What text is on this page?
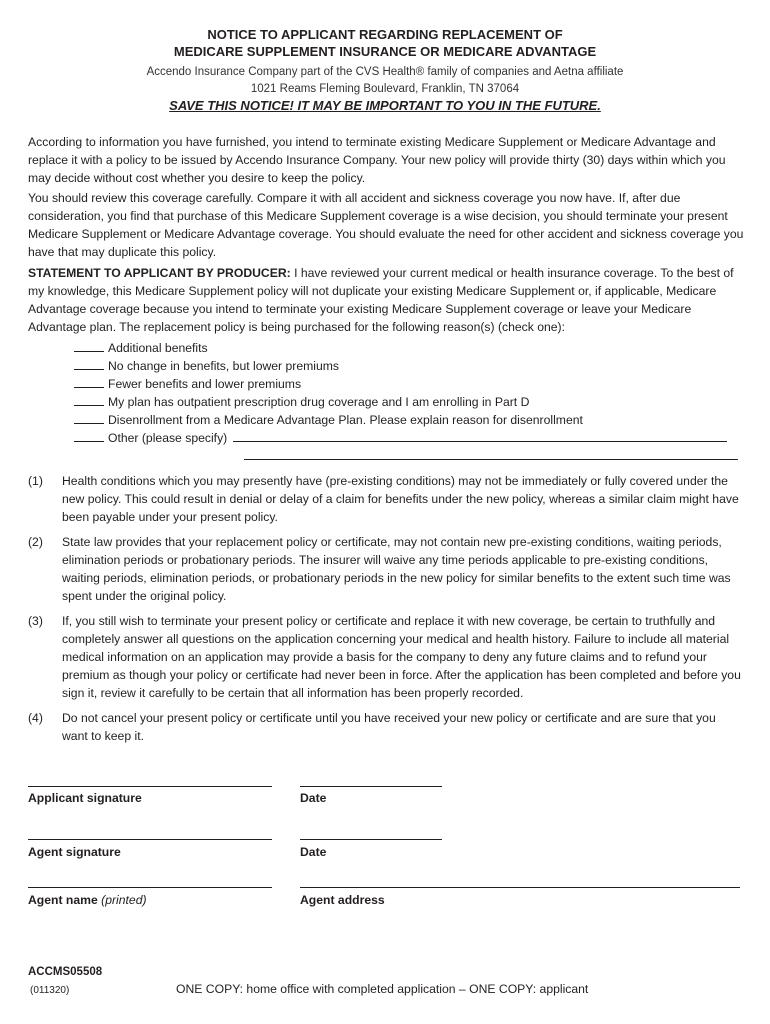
NOTICE TO APPLICANT REGARDING REPLACEMENT OF
MEDICARE SUPPLEMENT INSURANCE OR MEDICARE ADVANTAGE
Accendo Insurance Company part of the CVS Health® family of companies and Aetna affiliate
1021 Reams Fleming Boulevard, Franklin, TN 37064
SAVE THIS NOTICE! IT MAY BE IMPORTANT TO YOU IN THE FUTURE.
According to information you have furnished, you intend to terminate existing Medicare Supplement or Medicare Advantage and replace it with a policy to be issued by Accendo Insurance Company. Your new policy will provide thirty (30) days within which you may decide without cost whether you desire to keep the policy.
You should review this coverage carefully. Compare it with all accident and sickness coverage you now have. If, after due consideration, you find that purchase of this Medicare Supplement coverage is a wise decision, you should terminate your present Medicare Supplement or Medicare Advantage coverage. You should evaluate the need for other accident and sickness coverage you have that may duplicate this policy.
STATEMENT TO APPLICANT BY PRODUCER: I have reviewed your current medical or health insurance coverage. To the best of my knowledge, this Medicare Supplement policy will not duplicate your existing Medicare Supplement or, if applicable, Medicare Advantage coverage because you intend to terminate your existing Medicare Supplement coverage or leave your Medicare Advantage plan. The replacement policy is being purchased for the following reason(s) (check one):
Additional benefits
No change in benefits, but lower premiums
Fewer benefits and lower premiums
My plan has outpatient prescription drug coverage and I am enrolling in Part D
Disenrollment from a Medicare Advantage Plan. Please explain reason for disenrollment
Other (please specify)
(1) Health conditions which you may presently have (pre-existing conditions) may not be immediately or fully covered under the new policy. This could result in denial or delay of a claim for benefits under the new policy, whereas a similar claim might have been payable under your present policy.
(2) State law provides that your replacement policy or certificate, may not contain new pre-existing conditions, waiting periods, elimination periods or probationary periods. The insurer will waive any time periods applicable to pre-existing conditions, waiting periods, elimination periods, or probationary periods in the new policy for similar benefits to the extent such time was spent under the original policy.
(3) If, you still wish to terminate your present policy or certificate and replace it with new coverage, be certain to truthfully and completely answer all questions on the application concerning your medical and health history. Failure to include all material medical information on an application may provide a basis for the company to deny any future claims and to refund your premium as though your policy or certificate had never been in force. After the application has been completed and before you sign it, review it carefully to be certain that all information has been properly recorded.
(4) Do not cancel your present policy or certificate until you have received your new policy or certificate and are sure that you want to keep it.
Applicant signature	Date
Agent signature	Date
Agent name (printed)	Agent address
ACCMS05508
(011320)	ONE COPY: home office with completed application – ONE COPY: applicant
